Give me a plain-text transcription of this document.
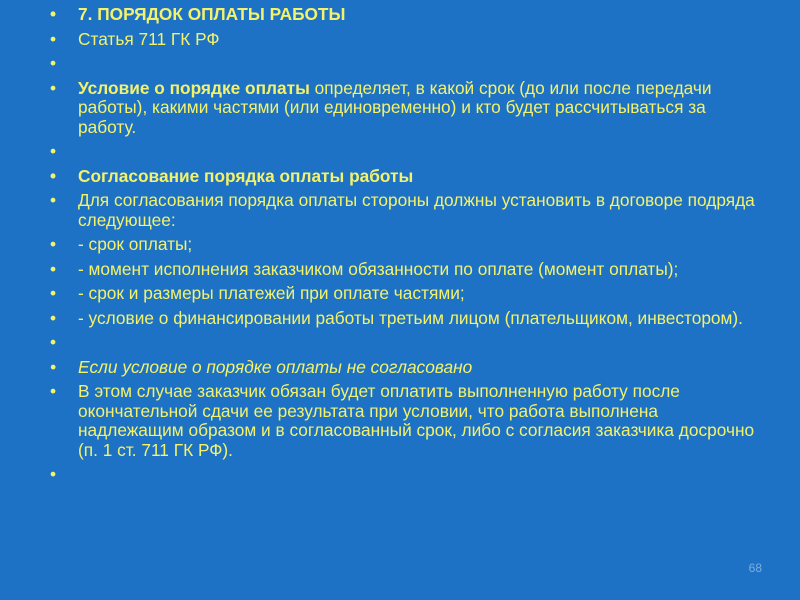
• 7. ПОРЯДОК ОПЛАТЫ РАБОТЫ
• Статья 711 ГК РФ
•
• Условие о порядке оплаты определяет, в какой срок (до или после передачи работы), какими частями (или единовременно) и кто будет рассчитываться за работу.
•
• Согласование порядка оплаты работы
• Для согласования порядка оплаты стороны должны установить в договоре подряда следующее:
• - срок оплаты;
• - момент исполнения заказчиком обязанности по оплате (момент оплаты);
• - срок и размеры платежей при оплате частями;
• - условие о финансировании работы третьим лицом (плательщиком, инвестором).
•
• Если условие о порядке оплаты не согласовано
• В этом случае заказчик обязан будет оплатить выполненную работу после окончательной сдачи ее результата при условии, что работа выполнена надлежащим образом и в согласованный срок, либо с согласия заказчика досрочно (п. 1 ст. 711 ГК РФ).
•
68
